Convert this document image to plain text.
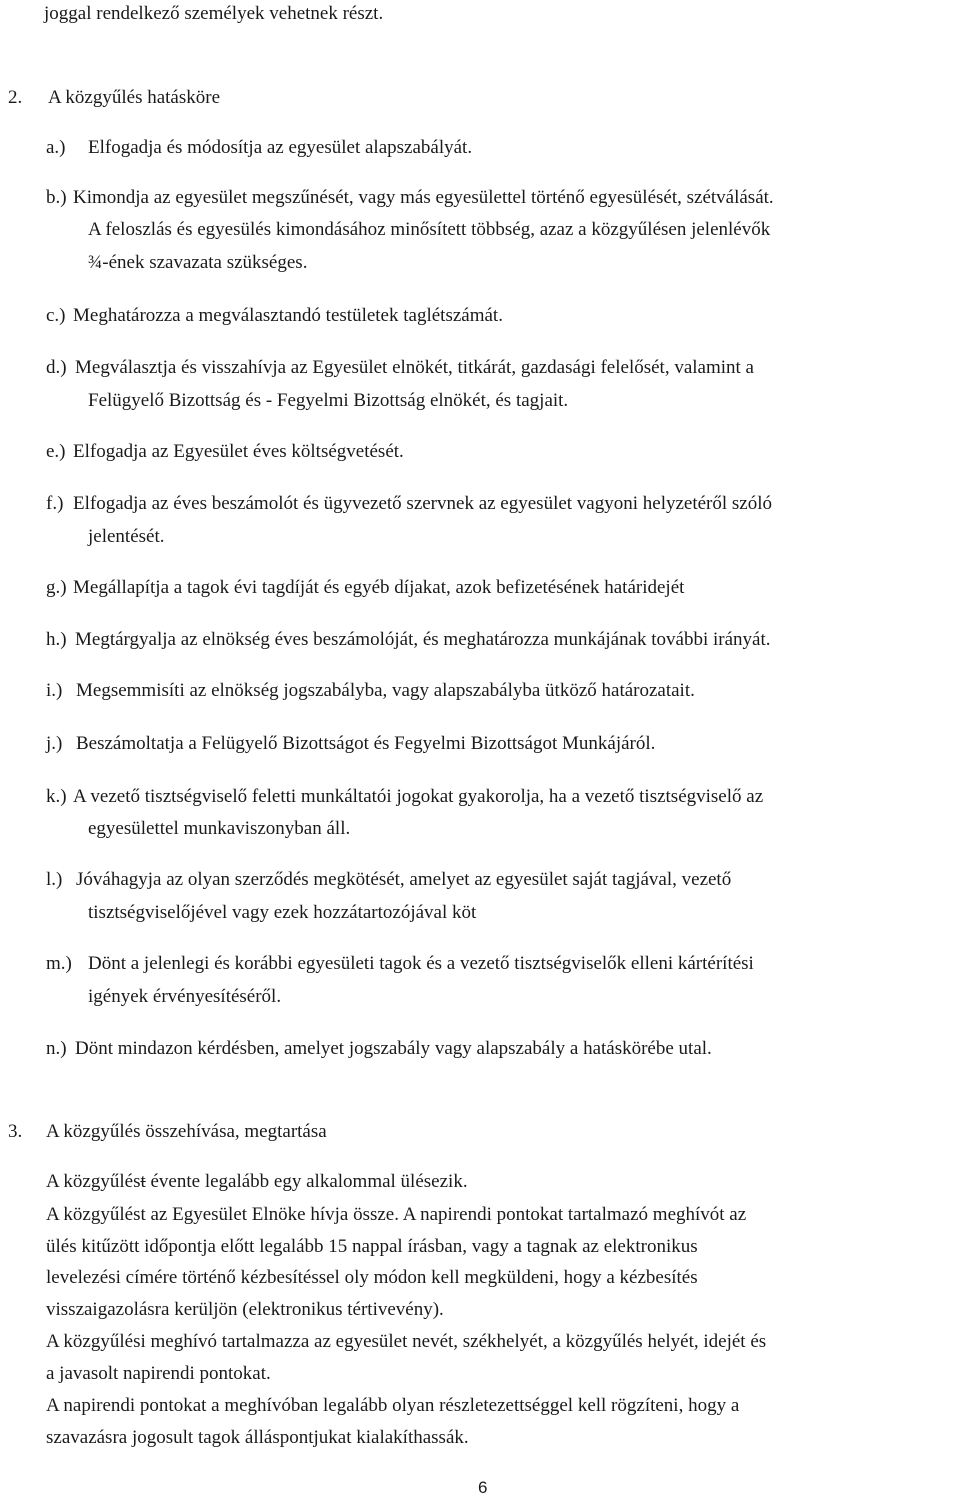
joggal rendelkező személyek vehetnek részt.
2. A közgyűlés hatásköre
a.) Elfogadja és módosítja az egyesület alapszabályát.
b.) Kimondja az egyesület megszűnését, vagy más egyesülettel történő egyesülését, szétválását.
A feloszlás és egyesülés kimondásához minősített többség, azaz a közgyűlésen jelenlévők
¾-ének szavazata szükséges.
c.) Meghatározza a megválasztandó testületek taglétszámát.
d.) Megválasztja és visszahívja az Egyesület elnökét, titkárát, gazdasági felelősét, valamint a
Felügyelő Bizottság és - Fegyelmi Bizottság elnökét, és tagjait.
e.) Elfogadja az Egyesület éves költségvetését.
f.) Elfogadja az éves beszámolót és ügyvezető szervnek az egyesület vagyoni helyzetéről szóló
jelentését.
g.) Megállapítja a tagok évi tagdíját és egyéb díjakat, azok befizetésének határidejét
h.) Megtárgyalja az elnökség éves beszámolóját, és meghatározza munkájának további irányát.
i.) Megsemmisíti az elnökség jogszabályba, vagy alapszabályba ütköző határozatait.
j.) Beszámoltatja a Felügyelő Bizottságot és Fegyelmi Bizottságot Munkájáról.
k.) A vezető tisztségviselő feletti munkáltatói jogokat gyakorolja, ha a vezető tisztségviselő az
egyesülettel munkaviszonyban áll.
l.) Jóváhagyja az olyan szerződés megkötését, amelyet az egyesület saját tagjával, vezető
tisztségviselőjével vagy ezek hozzátartozójával köt
m.) Dönt a jelenlegi és korábbi egyesületi tagok és a vezető tisztségviselők elleni kártérítési
igények érvényesítéséről.
n.) Dönt mindazon kérdésben, amelyet jogszabály vagy alapszabály a hatáskörébe utal.
3. A közgyűlés összehívása, megtartása
A közgyűlést évente legalább egy alkalommal ülésezik.
A közgyűlést az Egyesület Elnöke hívja össze. A napirendi pontokat tartalmazó meghívót az
ülés kitűzött időpontja előtt legalább 15 nappal írásban, vagy a tagnak az elektronikus
levelezési címére történő kézbesítéssel oly módon kell megküldeni, hogy a kézbesítés
visszaigazolásra kerüljön (elektronikus tértivevény).
A közgyűlési meghívó tartalmazza az egyesület nevét, székhelyét, a közgyűlés helyét, idejét és
a javasolt napirendi pontokat.
A napirendi pontokat a meghívóban legalább olyan részletezettséggel kell rögzíteni, hogy a
szavazásra jogosult tagok álláspontjukat kialakíthassák.
6
